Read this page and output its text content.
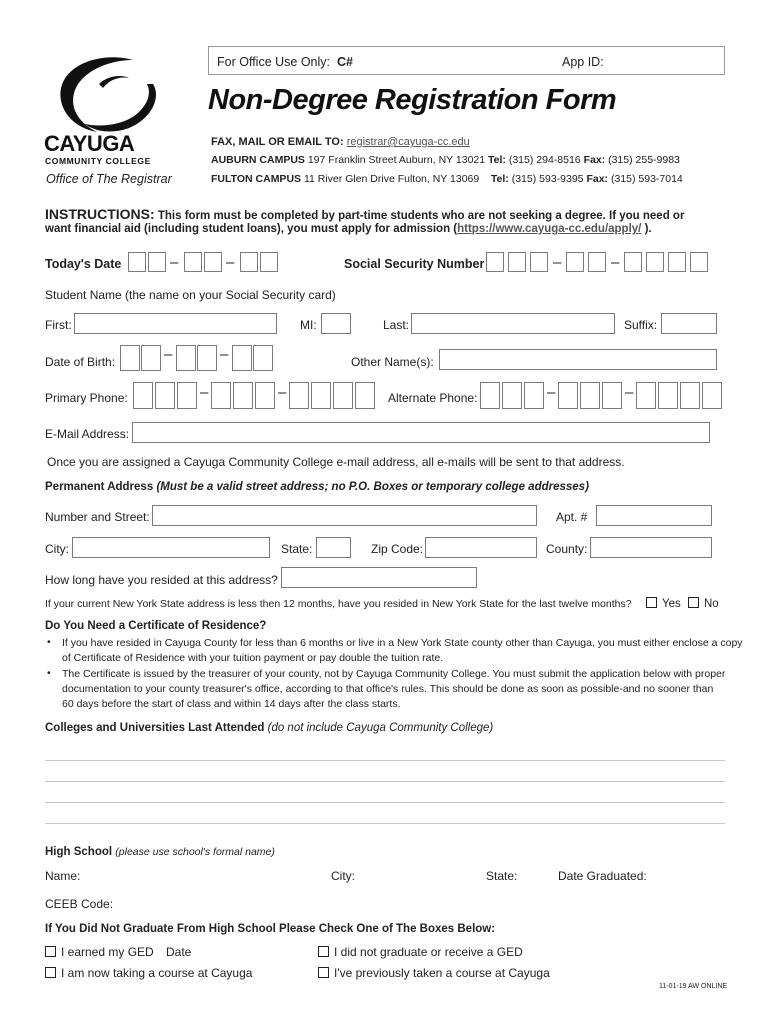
For Office Use Only: C#	App ID:
CAYUGA
COMMUNITY COLLEGE
Office of The Registrar
Non-Degree Registration Form
FAX, MAIL OR EMAIL TO: registrar@cayuga-cc.edu
AUBURN CAMPUS 197 Franklin Street Auburn, NY 13021 Tel: (315) 294-8516 Fax: (315) 255-9983
FULTON CAMPUS 11 River Glen Drive Fulton, NY 13069 Tel: (315) 593-9395 Fax: (315) 593-7014
INSTRUCTIONS: This form must be completed by part-time students who are not seeking a degree. If you need or
want financial aid (including student loans), you must apply for admission (https://www.cayuga-cc.edu/apply/ ).
Today's Date	–	–	Social Security Number	–	–
Student Name (the name on your Social Security card)
First:	MI:	Last:	Suffix:
Date of Birth:	–	–	Other Name(s):
Primary Phone:	–	–	Alternate Phone:	–	–
E-Mail Address:
Once you are assigned a Cayuga Community College e-mail address, all e-mails will be sent to that address.
Permanent Address (Must be a valid street address; no P.O. Boxes or temporary college addresses)
Number and Street:	Apt. #
City:	State:	Zip Code:	County:
How long have you resided at this address?
If your current New York State address is less then 12 months, have you resided in New York State for the last twelve months?	Yes	No
Do You Need a Certificate of Residence?
• If you have resided in Cayuga County for less than 6 months or live in a New York State county other than Cayuga, you must either enclose a copy
of Certificate of Residence with your tuition payment or pay double the tuition rate.
• The Certificate is issued by the treasurer of your county, not by Cayuga Community College. You must submit the application below with proper
documentation to your county treasurer's office, according to that office's rules. This should be done as soon as possible-and no sooner than
60 days before the start of class and within 14 days after the class starts.
Colleges and Universities Last Attended (do not include Cayuga Community College)
High School (please use school's formal name)
Name:	City:	State:	Date Graduated:
CEEB Code:
If You Did Not Graduate From High School Please Check One of The Boxes Below:
I earned my GED Date	I did not graduate or receive a GED
I am now taking a course at Cayuga	I've previously taken a course at Cayuga
11-01-19 AW ONLINE
